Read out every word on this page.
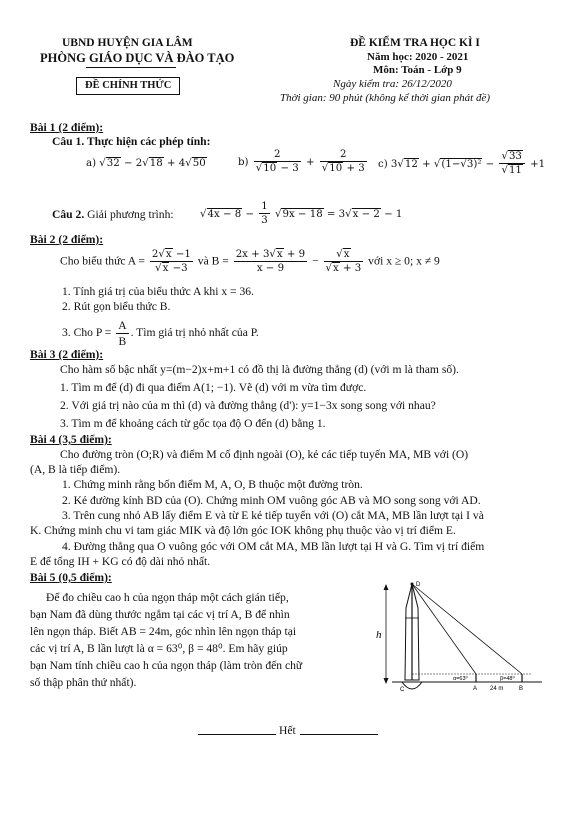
UBND HUYỆN GIA LÂM
PHÒNG GIÁO DỤC VÀ ĐÀO TẠO
ĐỀ CHÍNH THỨC
ĐỀ KIỂM TRA HỌC KÌ I
Năm học: 2020 - 2021
Môn: Toán - Lớp 9
Ngày kiểm tra: 26/12/2020
Thời gian: 90 phút (không kể thời gian phát đề)
Bài 1 (2 điểm):
Câu 1. Thực hiện các phép tính:
a) √32 − 2√18 + 4√50	$b) \frac{2}{√10 - 3} + \frac{2}{√10 + 3} c$) $3√12 + √(1-√3)^2 - \frac{√33}{√11} +1$
Câu 2. Giải phương trình:	$√4x - 8 - \frac{1}{3} √9x - 18 = 3√x - 2 - 1$
Bài 2 (2 điểm):
Cho biểu thức $A = \frac{2√x -1}{√x -3}$ và $B = \frac{2x + 3√x + 9}{x - 9} - \frac{√x}{√x + 3}$ với x ≥ 0; x ≠ 9
1. Tính giá trị của biểu thức A khi x = 36.
2. Rút gọn biểu thức B.
3. Cho $P = \frac{A}{B}$ . Tìm giá trị nhỏ nhất của P.
Bài 3 (2 điểm):
Cho hàm số bậc nhất y=(m−2)x+m+1 có đồ thị là đường thẳng (d) (với m là tham số).
1. Tìm m để (d) đi qua điểm A(1; −1). Vẽ (d) với m vừa tìm được.
2. Với giá trị nào của m thì (d) và đường thẳng (d'): y=1−3x song song với nhau?
3. Tìm m để khoảng cách từ gốc tọa độ O đến (d) bằng 1.
Bài 4 (3,5 điểm):
Cho đường tròn (O;R) và điểm M cố định ngoài (O), kẻ các tiếp tuyến MA, MB với (O)
(A, B là tiếp điểm).
1. Chứng minh rằng bốn điểm M, A, O, B thuộc một đường tròn.
2. Kẻ đường kính BD của (O). Chứng minh OM vuông góc AB và MO song song với AD.
3. Trên cung nhỏ AB lấy điểm E và từ E kẻ tiếp tuyến với (O) cắt MA, MB lần lượt tại I và
K. Chứng minh chu vi tam giác MIK và độ lớn góc IOK không phụ thuộc vào vị trí điểm E.
4. Đường thẳng qua O vuông góc với OM cắt MA, MB lần lượt tại H và G. Tìm vị trí điểm
E để tổng IH + KG có độ dài nhỏ nhất.
Bài 5 (0,5 điểm):
Để đo chiều cao h của ngọn tháp một cách gián tiếp,
bạn Nam đã dùng thước ngắm tại các vị trí A, B để nhìn
lên ngọn tháp. Biết AB = 24m, góc nhìn lên ngọn tháp tại
các vị trí A, B lần lượt là α = 63⁰, β = 48⁰. Em hãy giúp
bạn Nam tính chiều cao h của ngọn tháp (làm tròn đến chữ
số thập phân thứ nhất).
h
D
C
α=63⁰	β=48⁰
A 24 m	B
Hết
